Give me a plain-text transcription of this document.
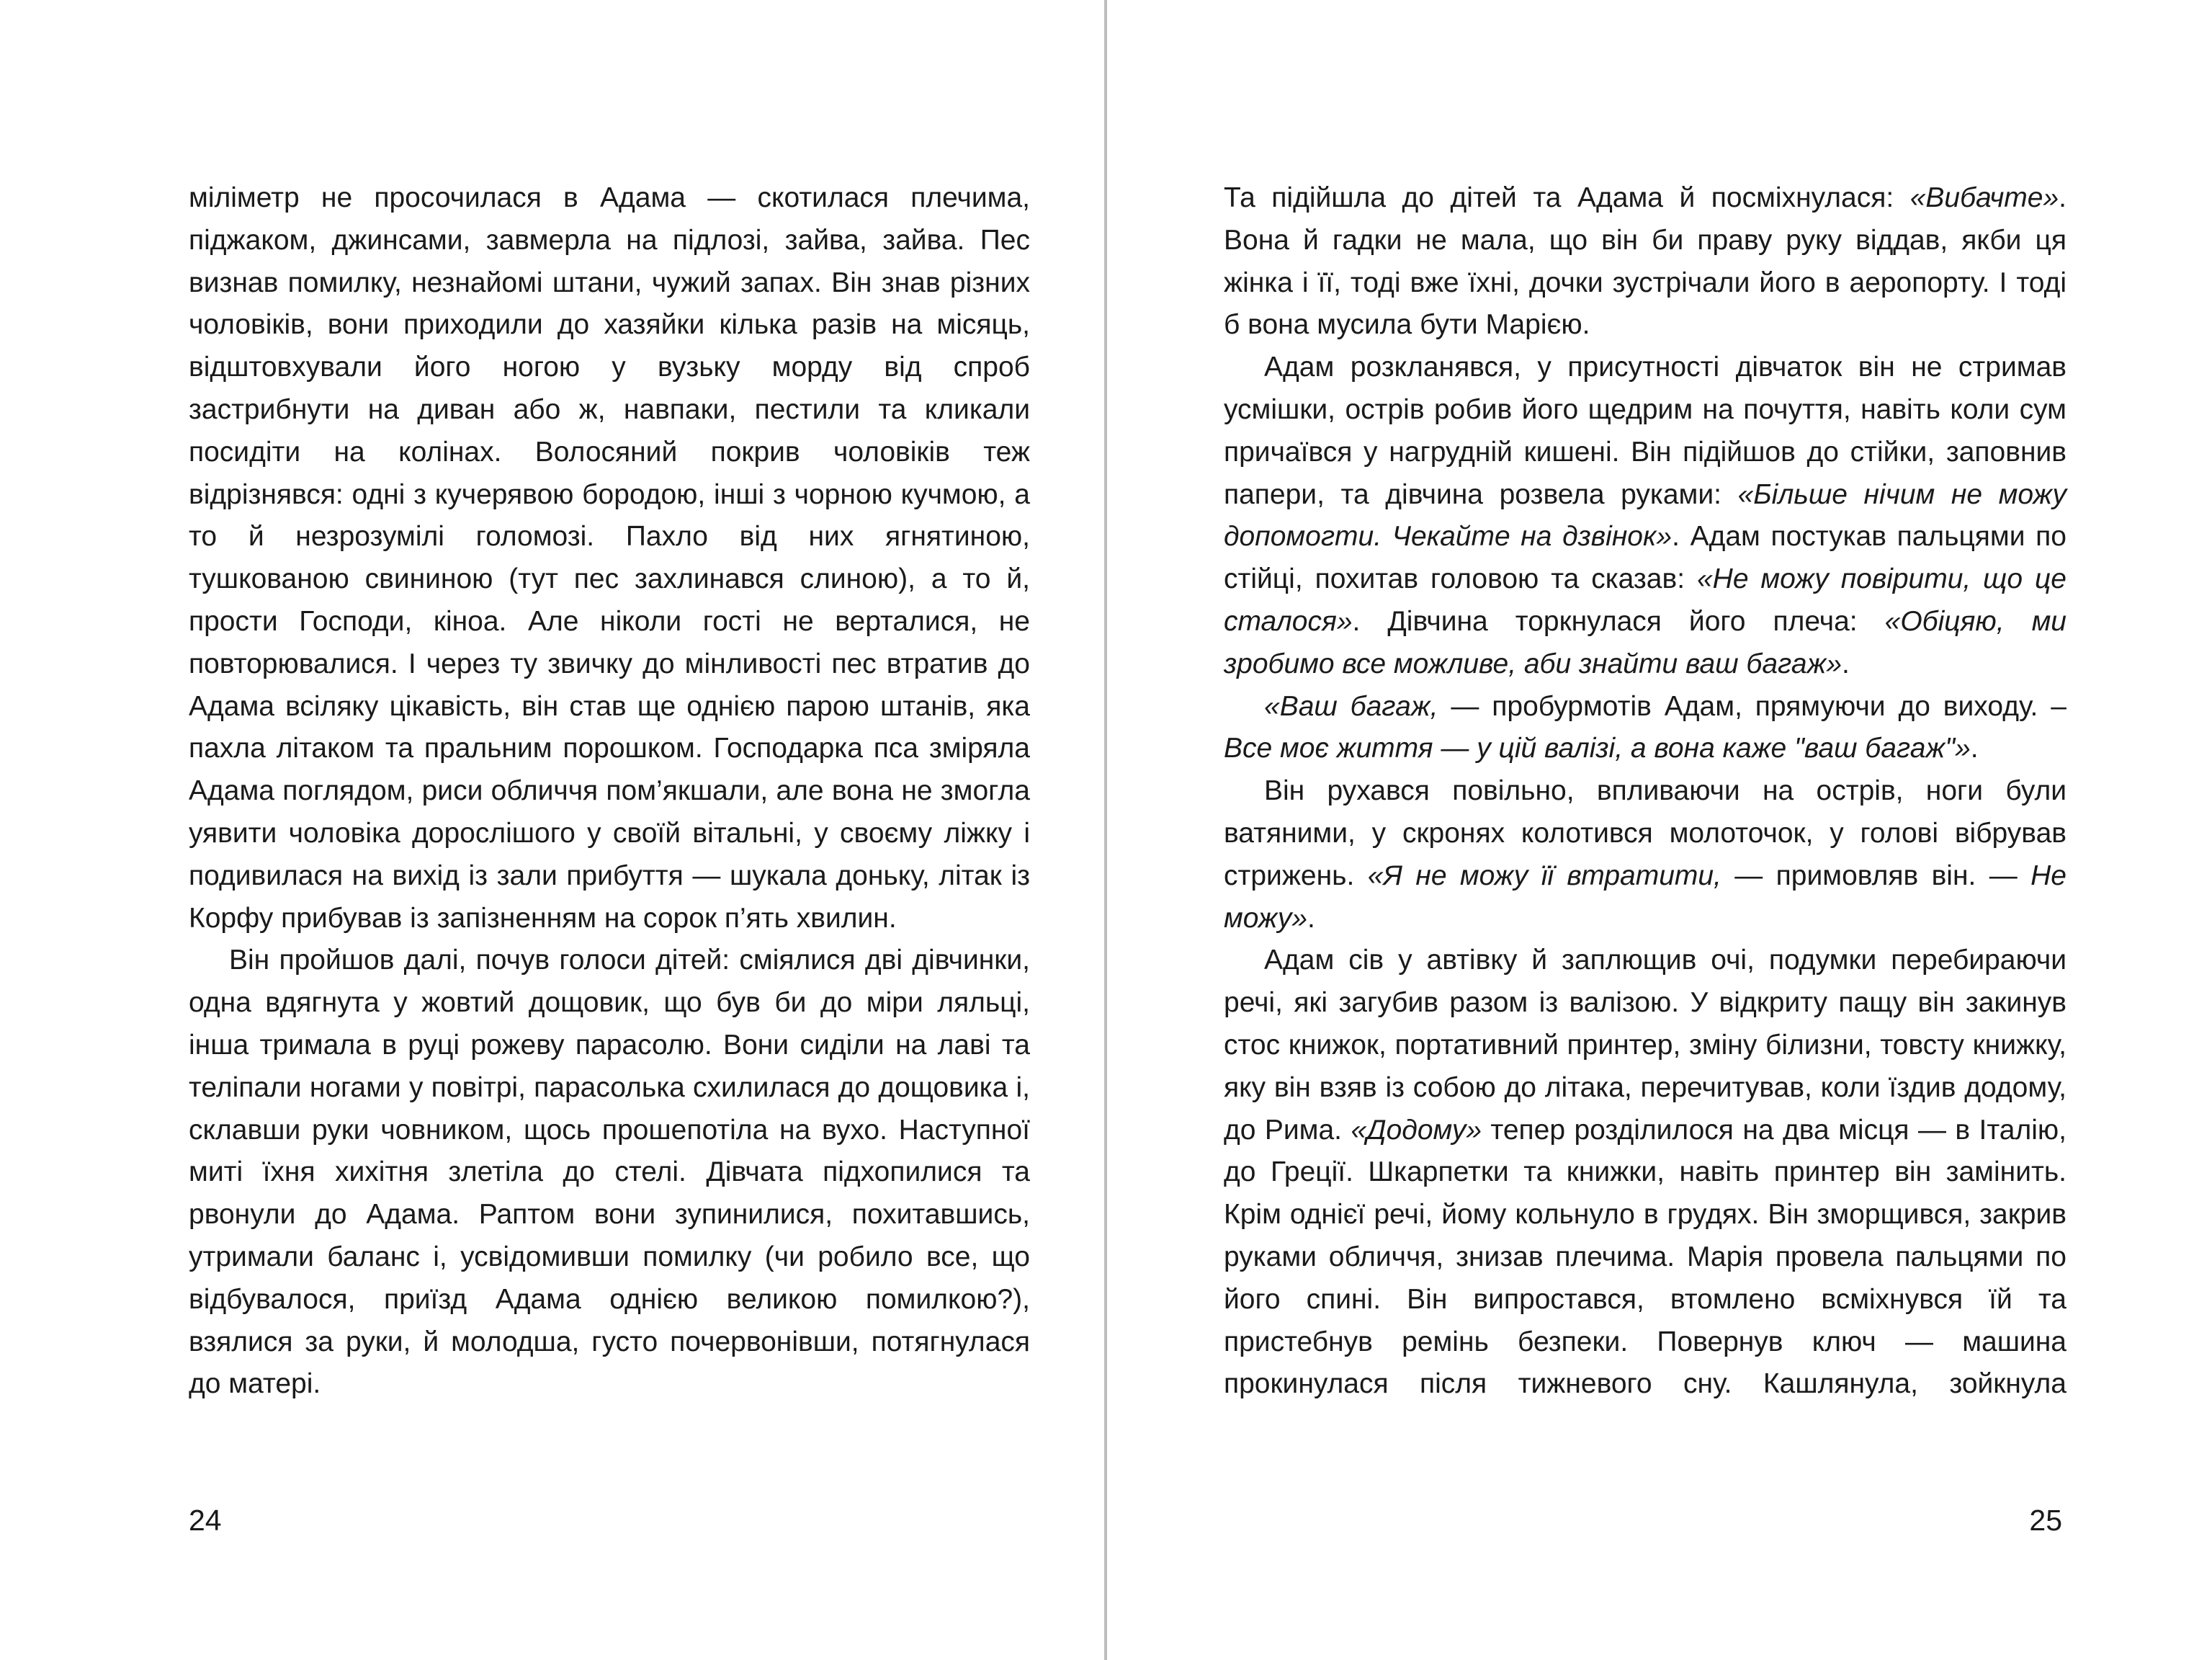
міліметр не просочилася в Адама — скотилася плечима, піджаком, джинсами, завмерла на підлозі, зайва, зайва. Пес визнав помилку, незнайомі штани, чужий запах. Він знав різних чоловіків, вони приходили до хазяйки кілька разів на місяць, відштовхували його ногою у вузьку морду від спроб застрибнути на диван або ж, навпаки, пестили та кликали посидіти на колінах. Волосяний покрив чоловіків теж відрізнявся: одні з кучерявою бородою, інші з чорною кучмою, а то й незрозумілі голомозі. Пахло від них ягнятиною, тушкованою свининою (тут пес захлинався слиною), а то й, прости Господи, кіноа. Але ніколи гості не верталися, не повторювалися. І через ту звичку до мінливості пес втратив до Адама всіляку цікавість, він став ще однією парою штанів, яка пахла літаком та пральним порошком. Господарка пса зміряла Адама поглядом, риси обличчя пом’якшали, але вона не змогла уявити чоловіка дорослішого у своїй вітальні, у своєму ліжку і подивилася на вихід із зали прибуття — шукала доньку, літак із Корфу прибував із запізненням на сорок п’ять хвилин.

Він пройшов далі, почув голоси дітей: сміялися дві дівчинки, одна вдягнута у жовтий дощовик, що був би до міри ляльці, інша тримала в руці рожеву парасолю. Вони сиділи на лаві та теліпали ногами у повітрі, парасолька схилилася до дощовика і, склавши руки човником, щось прошепотіла на вухо. Наступної миті їхня хихітня злетіла до стелі. Дівчата підхопилися та рвонули до Адама. Раптом вони зупинилися, похитавшись, утримали баланс і, усвідомивши помилку (чи робило все, що відбувалося, приїзд Адама однією великою помилкою?), взялися за руки, й молодша, густо почервонівши, потягнулася до матері.

24

Та підійшла до дітей та Адама й посміхнулася: «Вибачте». Вона й гадки не мала, що він би праву руку віддав, якби ця жінка і її, тоді вже їхні, дочки зустрічали його в аеропорту. І тоді б вона мусила бути Марією.

Адам розкланявся, у присутності дівчаток він не стримав усмішки, острів робив його щедрим на почуття, навіть коли сум причаївся у нагрудній кишені. Він підійшов до стійки, заповнив папери, та дівчина розвела руками: «Більше нічим не можу допомогти. Чекайте на дзвінок». Адам постукав пальцями по стійці, похитав головою та сказав: «Не можу повірити, що це сталося». Дівчина торкнулася його плеча: «Обіцяю, ми зробимо все можливе, аби знайти ваш багаж».

«Ваш багаж, — пробурмотів Адам, прямуючи до виходу. – Все моє життя — у цій валізі, а вона каже "ваш багаж"».

Він рухався повільно, впливаючи на острів, ноги були ватяними, у скронях колотився молоточок, у голові вібрував стрижень. «Я не можу її втратити, — примовляв він. — Не можу».

Адам сів у автівку й заплющив очі, подумки перебираючи речі, які загубив разом із валізою. У відкриту пащу він закинув стос книжок, портативний принтер, зміну білизни, товсту книжку, яку він взяв із собою до літака, перечитував, коли їздив додому, до Рима. «Додому» тепер розділилося на два місця — в Італію, до Греції. Шкарпетки та книжки, навіть принтер він замінить. Крім однієї речі, йому кольнуло в грудях. Він зморщився, закрив руками обличчя, знизав плечима. Марія провела пальцями по його спині. Він випростався, втомлено всміхнувся їй та пристебнув ремінь безпеки. Повернув ключ — машина прокинулася після тижневого сну. Кашлянула, зойкнула

25
